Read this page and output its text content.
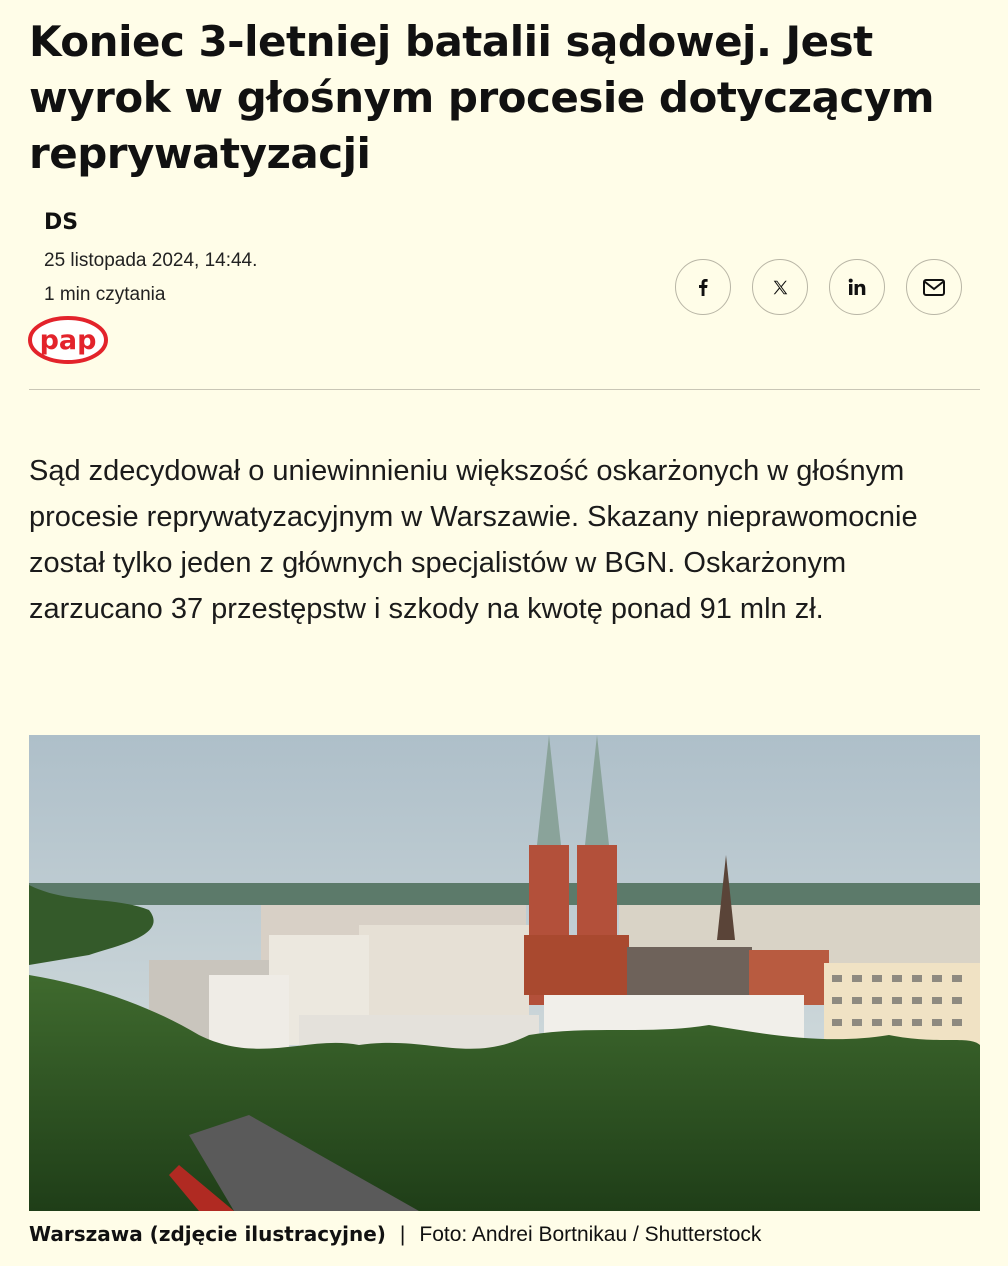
Koniec 3-letniej batalii sądowej. Jest wyrok w głośnym procesie dotyczącym reprywatyzacji
DS
25 listopada 2024, 14:44.
1 min czytania
pap

Sąd zdecydował o uniewinnieniu większość oskarżonych w głośnym procesie reprywatyzacyjnym w Warszawie. Skazany nieprawomocnie został tylko jeden z głównych specjalistów w BGN. Oskarżonym zarzucano 37 przestępstw i szkody na kwotę ponad 91 mln zł.

Warszawa (zdjęcie ilustracyjne) | Foto: Andrei Bortnikau / Shutterstock
